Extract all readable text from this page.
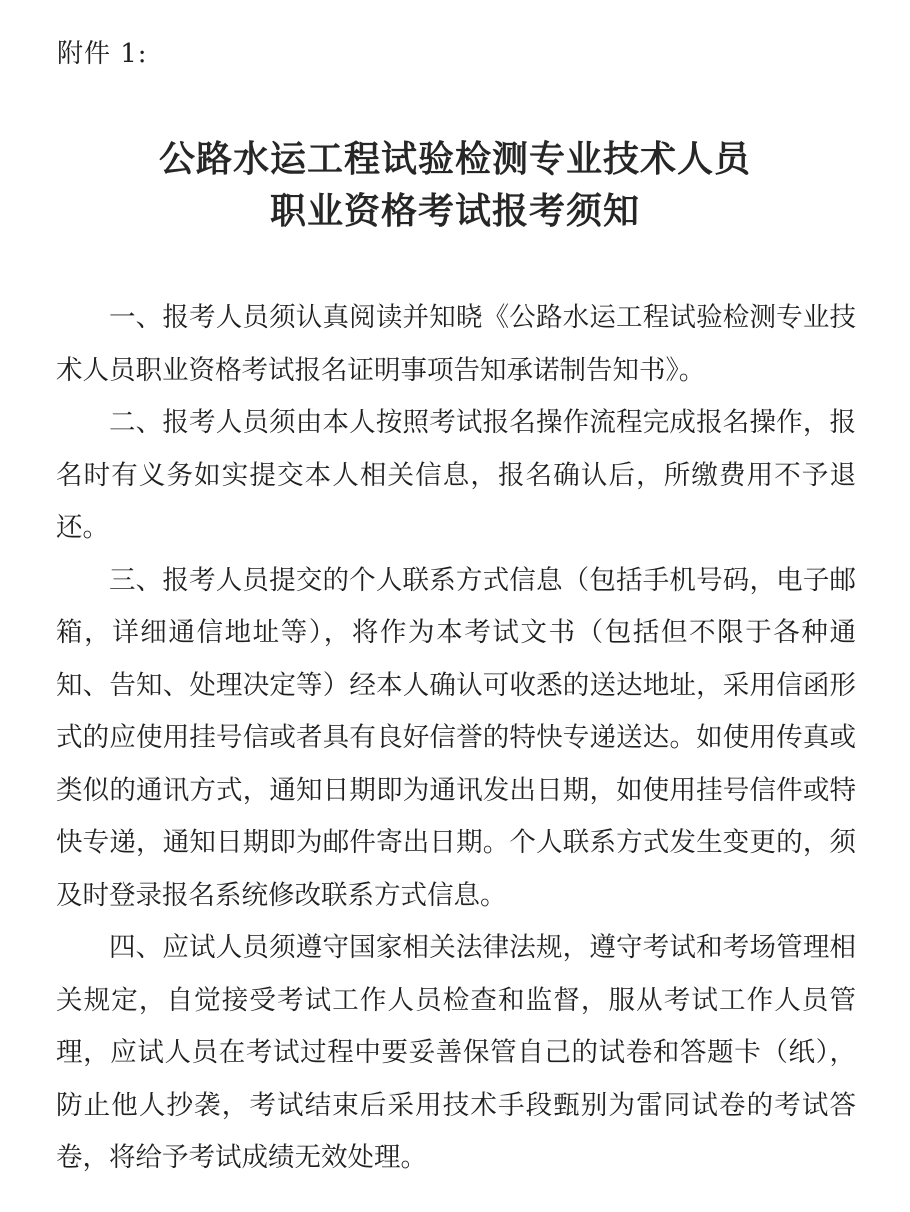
附件 1:
公路水运工程试验检测专业技术人员
职业资格考试报考须知

一、报考人员须认真阅读并知晓《公路水运工程试验检测专业技术人员职业资格考试报名证明事项告知承诺制告知书》。

二、报考人员须由本人按照考试报名操作流程完成报名操作，报名时有义务如实提交本人相关信息，报名确认后，所缴费用不予退还。

三、报考人员提交的个人联系方式信息（包括手机号码，电子邮箱，详细通信地址等），将作为本考试文书（包括但不限于各种通知、告知、处理决定等）经本人确认可收悉的送达地址，采用信函形式的应使用挂号信或者具有良好信誉的特快专递送达。如使用传真或类似的通讯方式，通知日期即为通讯发出日期，如使用挂号信件或特快专递，通知日期即为邮件寄出日期。个人联系方式发生变更的，须及时登录报名系统修改联系方式信息。

四、应试人员须遵守国家相关法律法规，遵守考试和考场管理相关规定，自觉接受考试工作人员检查和监督，服从考试工作人员管理，应试人员在考试过程中要妥善保管自己的试卷和答题卡（纸），防止他人抄袭，考试结束后采用技术手段甄别为雷同试卷的考试答卷，将给予考试成绩无效处理。
